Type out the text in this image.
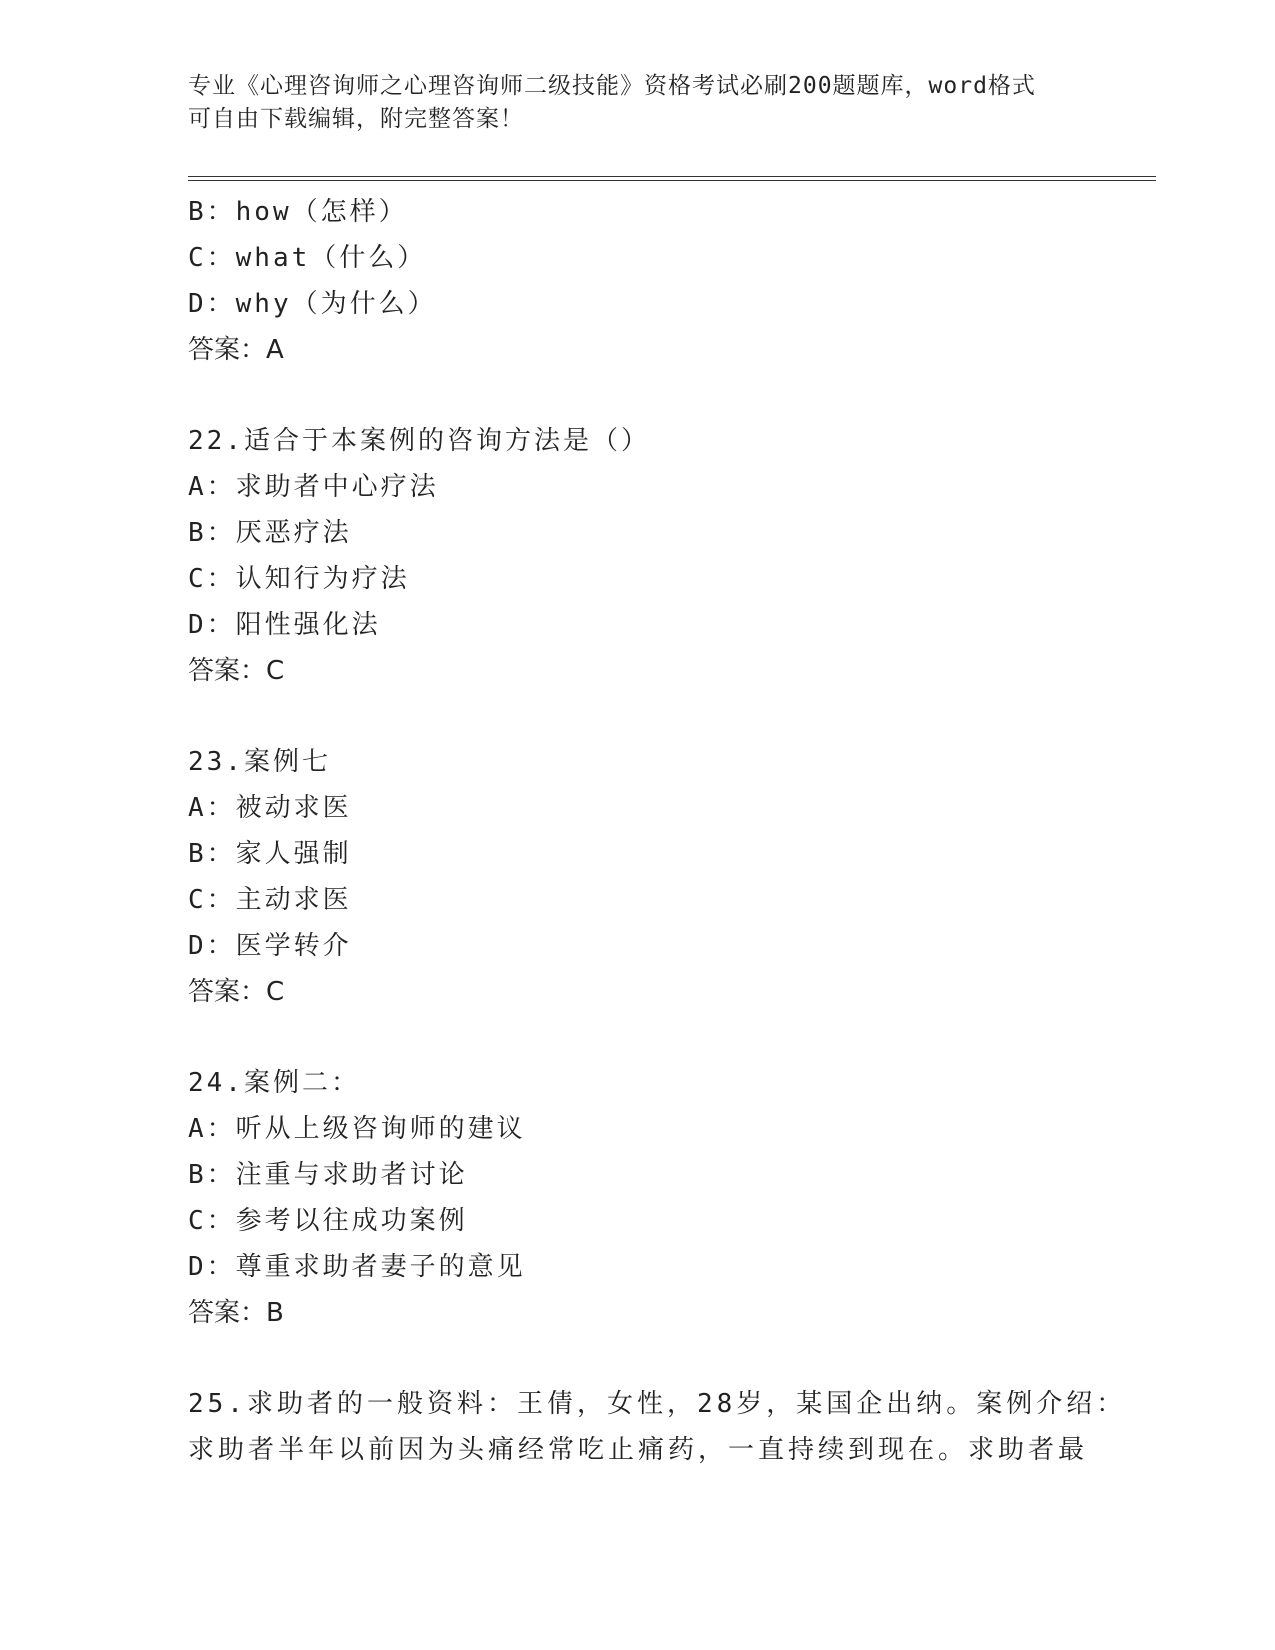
专业《心理咨询师之心理咨询师二级技能》资格考试必刷200题题库，word格式
可自由下载编辑，附完整答案！
B：how（怎样）
C：what（什么）
D：why（为什么）
答案：A
22.适合于本案例的咨询方法是（）
A：求助者中心疗法
B：厌恶疗法
C：认知行为疗法
D：阳性强化法
答案：C
23.案例七
A：被动求医
B：家人强制
C：主动求医
D：医学转介
答案：C
24.案例二：
A：听从上级咨询师的建议
B：注重与求助者讨论
C：参考以往成功案例
D：尊重求助者妻子的意见
答案：B
25.求助者的一般资料：王倩，女性，28岁，某国企出纳。案例介绍：
求助者半年以前因为头痛经常吃止痛药，一直持续到现在。求助者最
